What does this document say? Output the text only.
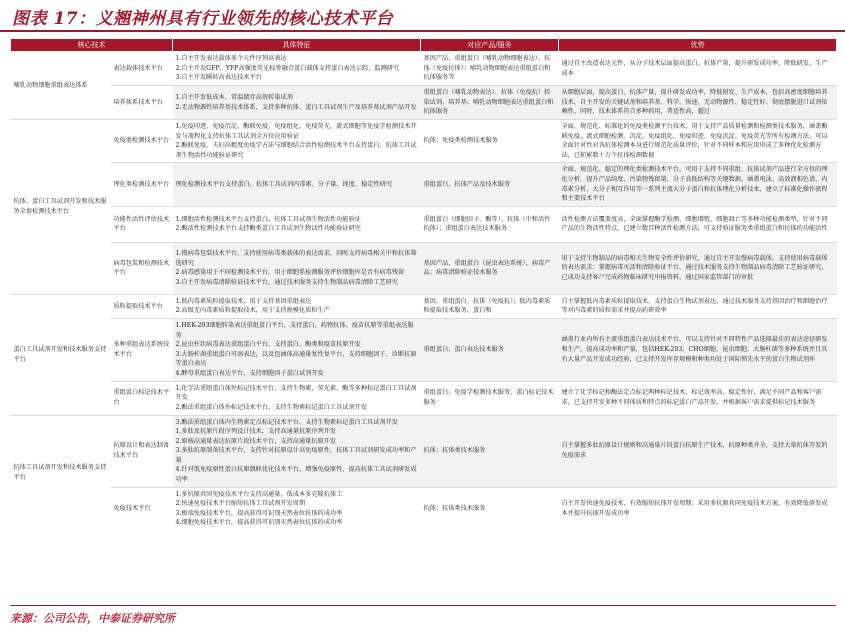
图表 17：义翘神州具有行业领先的核心技术平台
核心技术		具体特征	对应产品/服务	优势
哺乳动物细胞重组表达体系	表达载体技术平台	1.自主开发表达载体多个元件序列高表达
2.自主开发GFP、YFP高强度荧光标签融合蛋白载体支持蛋白表达示踪、监测研究
3.自主开发瞬转高表达技术平台	基因产品、重组蛋白（哺乳动物细胞表达）、抗体（免疫抗体）；哺乳动物细胞表达重组蛋白和抗体服务等	通过自主改造表达元件，从分子技术层面提高蛋白、抗体产量，提升研发成功率，降低研发、生产成本
	培养体系技术平台	1.自主开发低成本、常温储存高效转染试剂
2.无动物源性培养基技术体系，支持多种抗体、蛋白工具试剂生产及培养基试剂产品开发	重组蛋白（哺乳动物表达）、抗体（免疫抗）转染试剂、培养基；哺乳动物细胞表达重组蛋白和抗体服务	从细胞层面，提高蛋白、抗体产量，提升研发成功率，降低研发、生产成本，包括高密度细胞培养技术、自主开发的关键试剂和培养基、科学、快速、无动物源性、稳定性好、彻底摆脱进口试剂依赖性、同时，技术体系符合多种药用，普适性高，超过
抗体、蛋白工具试剂开发和技术服务全套检测技术平台	免疫类检测技术平台	1.免疫印迹、免疫沉淀、酶联免疫、免疫组化、免疫荧光、流式细胞等免疫学检测技术开发与流程化支持抗体工具试剂全方位应用验证
2.酶联免疫、夫妇高精度免疫学方法与细胞结合活性检测技术平台支持蛋白、抗体工具试剂生物活性功能验证研究	抗体；免疫类检测技术服务	全面、规范化、标准化的免疫类检测平台技术，用于支持产品质量检测和检测类技术服务，涵盖酶联免疫、流式细胞检测、沉淀、免疫组化、免疫印迹、免疫沉淀、免疫荧光等所有检测方法，可以全面针对性对各抗体检测本身进行规范化质量评价，针对不同样本和应用形成了多种优化检测方法，已积累数十万个抗体检测数据
	理化类检测技术平台	理化检测技术平台支持蛋白、抗体工具试剂内毒素、分子量、纯度、稳定性研究	重组蛋白、抗体产品及技术服务	全面、规范化、稳定的理化类检测技术平台，可用于支持不同重组、抗体试剂产品进行全方位的理化分析，提升产品纯度、污染物残留量、分子高低结构等关键数据、涵盖电泳、高效液相色谱、内毒素分析、大分子相互作用等一系列主流大分子蛋白和抗体理化分析技术，建立了标准化操作流程和主要技术平台
	功能性活性评估技术平台	1.细胞活性检测技术平台支持蛋白、抗体工具试剂生物活性功能验证
2.酶活性检测技术平台支持酶类蛋白工具试剂生物活性功能验证研究	重组蛋白（细胞因子、酶等）、抗体（中和活性抗体）；重组蛋白表达技术服务	活性检测方法覆盖度高，全面掌握酶学检测、细胞增殖、细胞凋亡等多种功能检测类型，针对不同产品的生物活性特点，已建立数百种活性检测方法，可支持验证服务类重组蛋白和抗体的功能活性
	病毒包装和检测技术平台	1.慢病毒包装技术平台，支持使用病毒类载体的表达需求，同时支持病毒相关中和抗体筛选研究
2.病毒感染用于不同检测技术平台，用于细胞系检测服务评价细胞库是否有病毒残留
3.自主开发病毒清除验证技术平台，通过技术服务支持生物制品病毒清除工艺研究	基因产品、重组蛋白（昆虫表达系统）、病毒产品；病毒清除验证技术服务	用于支持生物制品的病毒相关生物安全性评价研究，通过自主开发慢病毒载体，支持使用病毒载体的表达需求；掌握病毒灭活和清除验证平台，通过技术服务支持生物制品病毒清除工艺验证研究，已成功支持客户完成药物临床研究申报资料，通过国家监管部门的审批
蛋白工具试剂开发和技术服务支持平台	质粒提取技术平台	1.低内毒素质粒提取技术，用于支持基因重组表达
2.高级无内毒素质粒提取技术，用于支持规模化质粒生产	基因、重组蛋白、抗体（免疫抗）；低内毒素质粒提取技术服务、蛋白和	自主掌握低内毒素质粒提取技术，支持蛋白生物试剂表达，通过技术服务支持基因治疗和细胞治疗等对内毒素的质粒需求并提高药研效率
	多种重组表达系统技术平台	1.HEK-293细胞转染表达重组蛋白平台，支持蛋白、药物抗体、疫苗抗原等重组表达服务
2.昆虫杆状病毒表达重组蛋白平台，支持蛋白、酶类和疫苗抗原开发
3.大肠杆菌重组蛋白可溶表达，以及包涵体高通量复性复平台，支持细胞因子、诊断抗原等蛋白表达
4.酵母重组蛋白表达平台，支持细胞因子蛋白试剂开发	重组蛋白；蛋白表达技术服务	涵盖行业内所有主流重组蛋白表达技术平台，可以支持针对不同特性产品选择最佳的表达途径研发和生产，提高成功率和产量，包括HEK-293、CHO细胞、昆虫细胞、大肠杆菌等多种系统并且具有大量产品开发成功经验，已支持开发库存规模和种类均处于国际领先水平的蛋白生物试剂库
	重组蛋白标记技术平台	1.化学法重组蛋白体外标记技术平台，支持生物素、荧光素、酶等多种标记蛋白工具试剂开发
2.酶法重组蛋白体外标记技术平台，支持生物素标记蛋白工具试剂开发	重组蛋白；免疫学检测技术服务、蛋白标记技术服务	建立了化学标记和酶法定点标记两种标记技术，标记效率高，稳定性好，满足不同产品和客户需求，已支持开发多种不同体质和特点的标记蛋白产品开发，并根据客户需求提供标记技术服务
抗体工具试剂开发和技术服务支持平台	抗原设计和表达制备技术平台	3.酶法重组蛋白体内生物素定点标记技术平台，支持生物素标记蛋白工具试剂开发
1.多肽及抗原片段序列设计技术，支持高通量抗原序列开发
2.原核高通量表达抗原片段技术平台，支持高通量抗原开发
3.多肽抗原制备技术平台，支持针对抗原设计高免疫原性、抗体工具试剂研发成功率和产量
4.针对低免疫原性蛋白抗原偶联优化技术平台，增强免疫原性、提高抗体工具试剂研发成功率	抗体；抗体类技术服务	自主掌握多肽抗原设计规则和高通量片段蛋白抗原生产技术，抗原种类齐全，支持大量抗体开发的免疫需求
	免疫技术平台	1.多抗原共同免疫技术平台支持高通量、低成本多克隆抗体工
2.快速免疫技术平台缩短抗体工具试剂开发周期
3.极端免疫技术平台，提高获得可识别天然表位抗体的成功率
4.细胞免疫技术平台，提高获得可识别天然表位抗体的成功率	抗体；抗体类技术服务	自主开发快速免疫技术，有效缩短抗体开发周期；采用多抗原共同免疫技术方案，有效降低研发成本并提升抗体开发成功率
来源：公司公告，中泰证券研究所
